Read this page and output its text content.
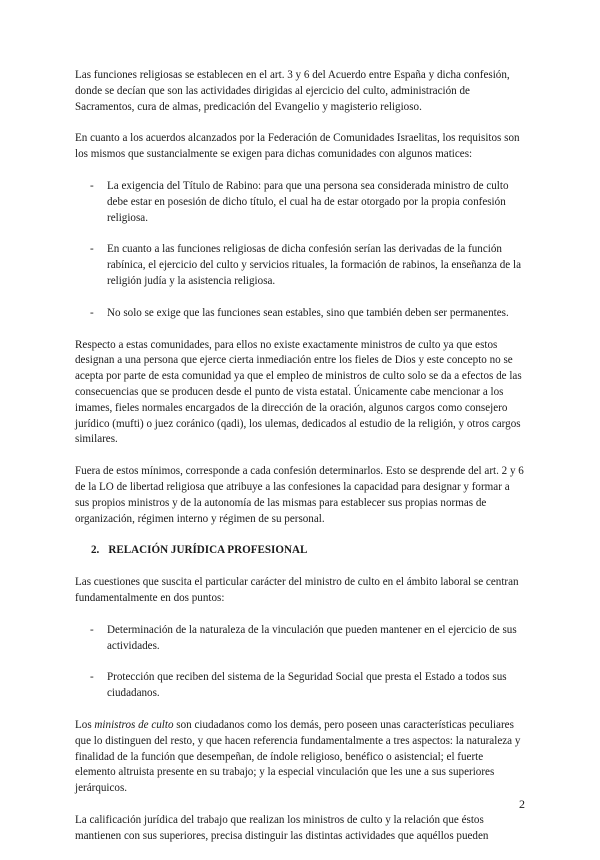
Las funciones religiosas se establecen en el art. 3 y 6 del Acuerdo entre España y dicha confesión, donde se decían que son las actividades dirigidas al ejercicio del culto, administración de Sacramentos, cura de almas, predicación del Evangelio y magisterio religioso.

En cuanto a los acuerdos alcanzados por la Federación de Comunidades Israelitas, los requisitos son los mismos que sustancialmente se exigen para dichas comunidades con algunos matices:

- La exigencia del Título de Rabino: para que una persona sea considerada ministro de culto debe estar en posesión de dicho título, el cual ha de estar otorgado por la propia confesión religiosa.
- En cuanto a las funciones religiosas de dicha confesión serían las derivadas de la función rabínica, el ejercicio del culto y servicios rituales, la formación de rabinos, la enseñanza de la religión judía y la asistencia religiosa.
- No solo se exige que las funciones sean estables, sino que también deben ser permanentes.

Respecto a estas comunidades, para ellos no existe exactamente ministros de culto ya que estos designan a una persona que ejerce cierta inmediación entre los fieles de Dios y este concepto no se acepta por parte de esta comunidad ya que el empleo de ministros de culto solo se da a efectos de las consecuencias que se producen desde el punto de vista estatal. Únicamente cabe mencionar a los imames, fieles normales encargados de la dirección de la oración, algunos cargos como consejero jurídico (mufti) o juez coránico (qadi), los ulemas, dedicados al estudio de la religión, y otros cargos similares.

Fuera de estos mínimos, corresponde a cada confesión determinarlos. Esto se desprende del art. 2 y 6 de la LO de libertad religiosa que atribuye a las confesiones la capacidad para designar y formar a sus propios ministros y de la autonomía de las mismas para establecer sus propias normas de organización, régimen interno y régimen de su personal.

2. RELACIÓN JURÍDICA PROFESIONAL

Las cuestiones que suscita el particular carácter del ministro de culto en el ámbito laboral se centran fundamentalmente en dos puntos:

- Determinación de la naturaleza de la vinculación que pueden mantener en el ejercicio de sus actividades.
- Protección que reciben del sistema de la Seguridad Social que presta el Estado a todos sus ciudadanos.

Los ministros de culto son ciudadanos como los demás, pero poseen unas características peculiares que lo distinguen del resto, y que hacen referencia fundamentalmente a tres aspectos: la naturaleza y finalidad de la función que desempeñan, de índole religioso, benéfico o asistencial; el fuerte elemento altruista presente en su trabajo; y la especial vinculación que les une a sus superiores jerárquicos.

La calificación jurídica del trabajo que realizan los ministros de culto y la relación que éstos mantienen con sus superiores, precisa distinguir las distintas actividades que aquéllos pueden

2
